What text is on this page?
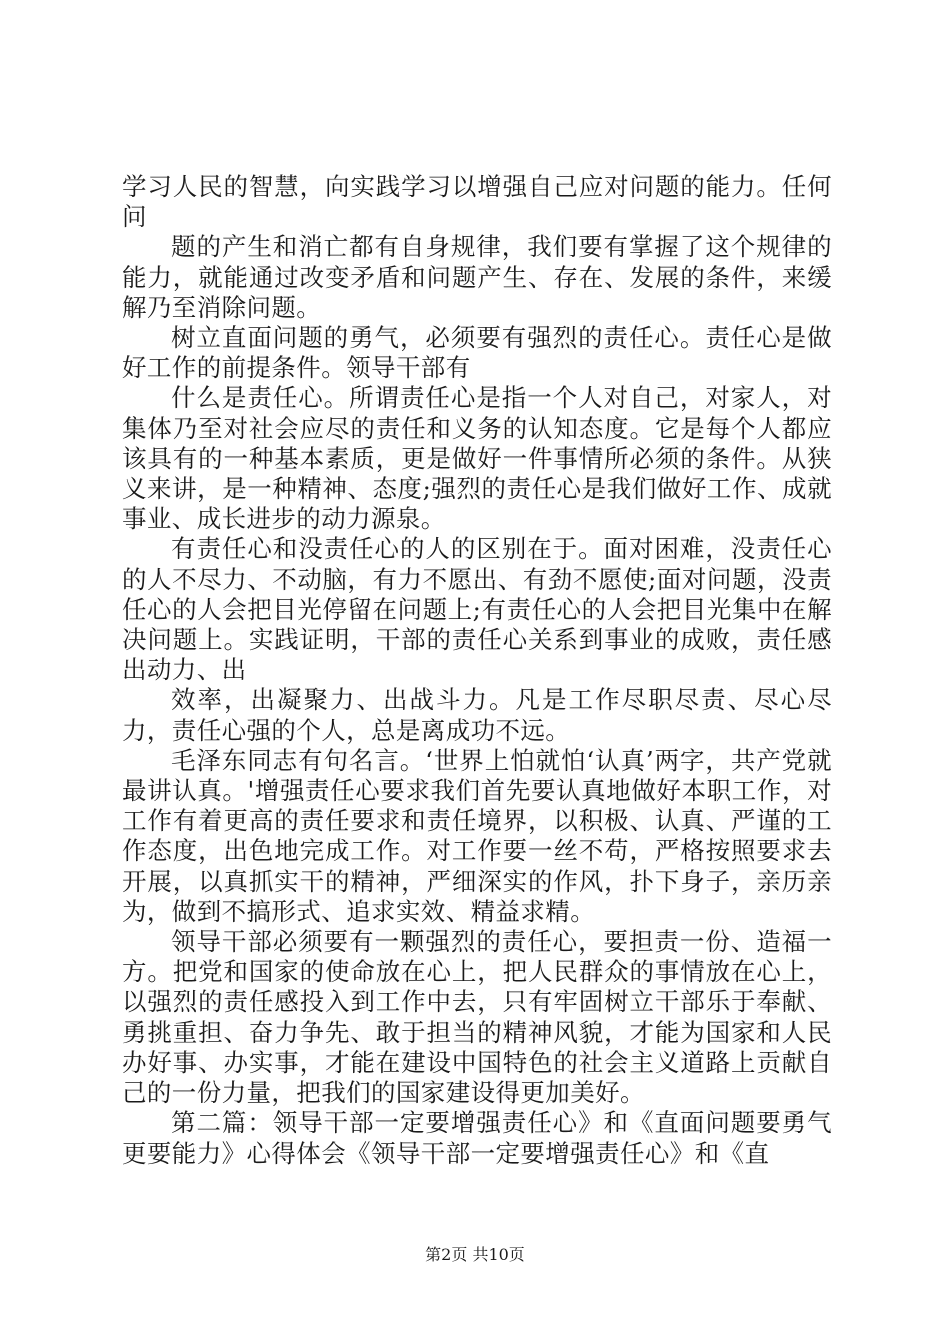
学习人民的智慧，向实践学习以增强自己应对问题的能力。任何问

题的产生和消亡都有自身规律，我们要有掌握了这个规律的能力，就能通过改变矛盾和问题产生、存在、发展的条件，来缓解乃至消除问题。

树立直面问题的勇气，必须要有强烈的责任心。责任心是做好工作的前提条件。领导干部有

什么是责任心。所谓责任心是指一个人对自己，对家人，对集体乃至对社会应尽的责任和义务的认知态度。它是每个人都应该具有的一种基本素质，更是做好一件事情所必须的条件。从狭义来讲，是一种精神、态度;强烈的责任心是我们做好工作、成就事业、成长进步的动力源泉。

有责任心和没责任心的人的区别在于。面对困难，没责任心的人不尽力、不动脑，有力不愿出、有劲不愿使;面对问题，没责任心的人会把目光停留在问题上;有责任心的人会把目光集中在解决问题上。实践证明，干部的责任心关系到事业的成败，责任感出动力、出

效率，出凝聚力、出战斗力。凡是工作尽职尽责、尽心尽力，责任心强的个人，总是离成功不远。

毛泽东同志有句名言。‘世界上怕就怕‘认真’两字，共产党就最讲认真。'增强责任心要求我们首先要认真地做好本职工作，对工作有着更高的责任要求和责任境界，以积极、认真、严谨的工作态度，出色地完成工作。对工作要一丝不苟，严格按照要求去开展，以真抓实干的精神，严细深实的作风，扑下身子，亲历亲为，做到不搞形式、追求实效、精益求精。

领导干部必须要有一颗强烈的责任心，要担责一份、造福一方。把党和国家的使命放在心上，把人民群众的事情放在心上，以强烈的责任感投入到工作中去，只有牢固树立干部乐于奉献、勇挑重担、奋力争先、敢于担当的精神风貌，才能为国家和人民办好事、办实事，才能在建设中国特色的社会主义道路上贡献自己的一份力量，把我们的国家建设得更加美好。

第二篇：领导干部一定要增强责任心》和《直面问题要勇气更要能力》心得体会《领导干部一定要增强责任心》和《直

第2页 共10页
